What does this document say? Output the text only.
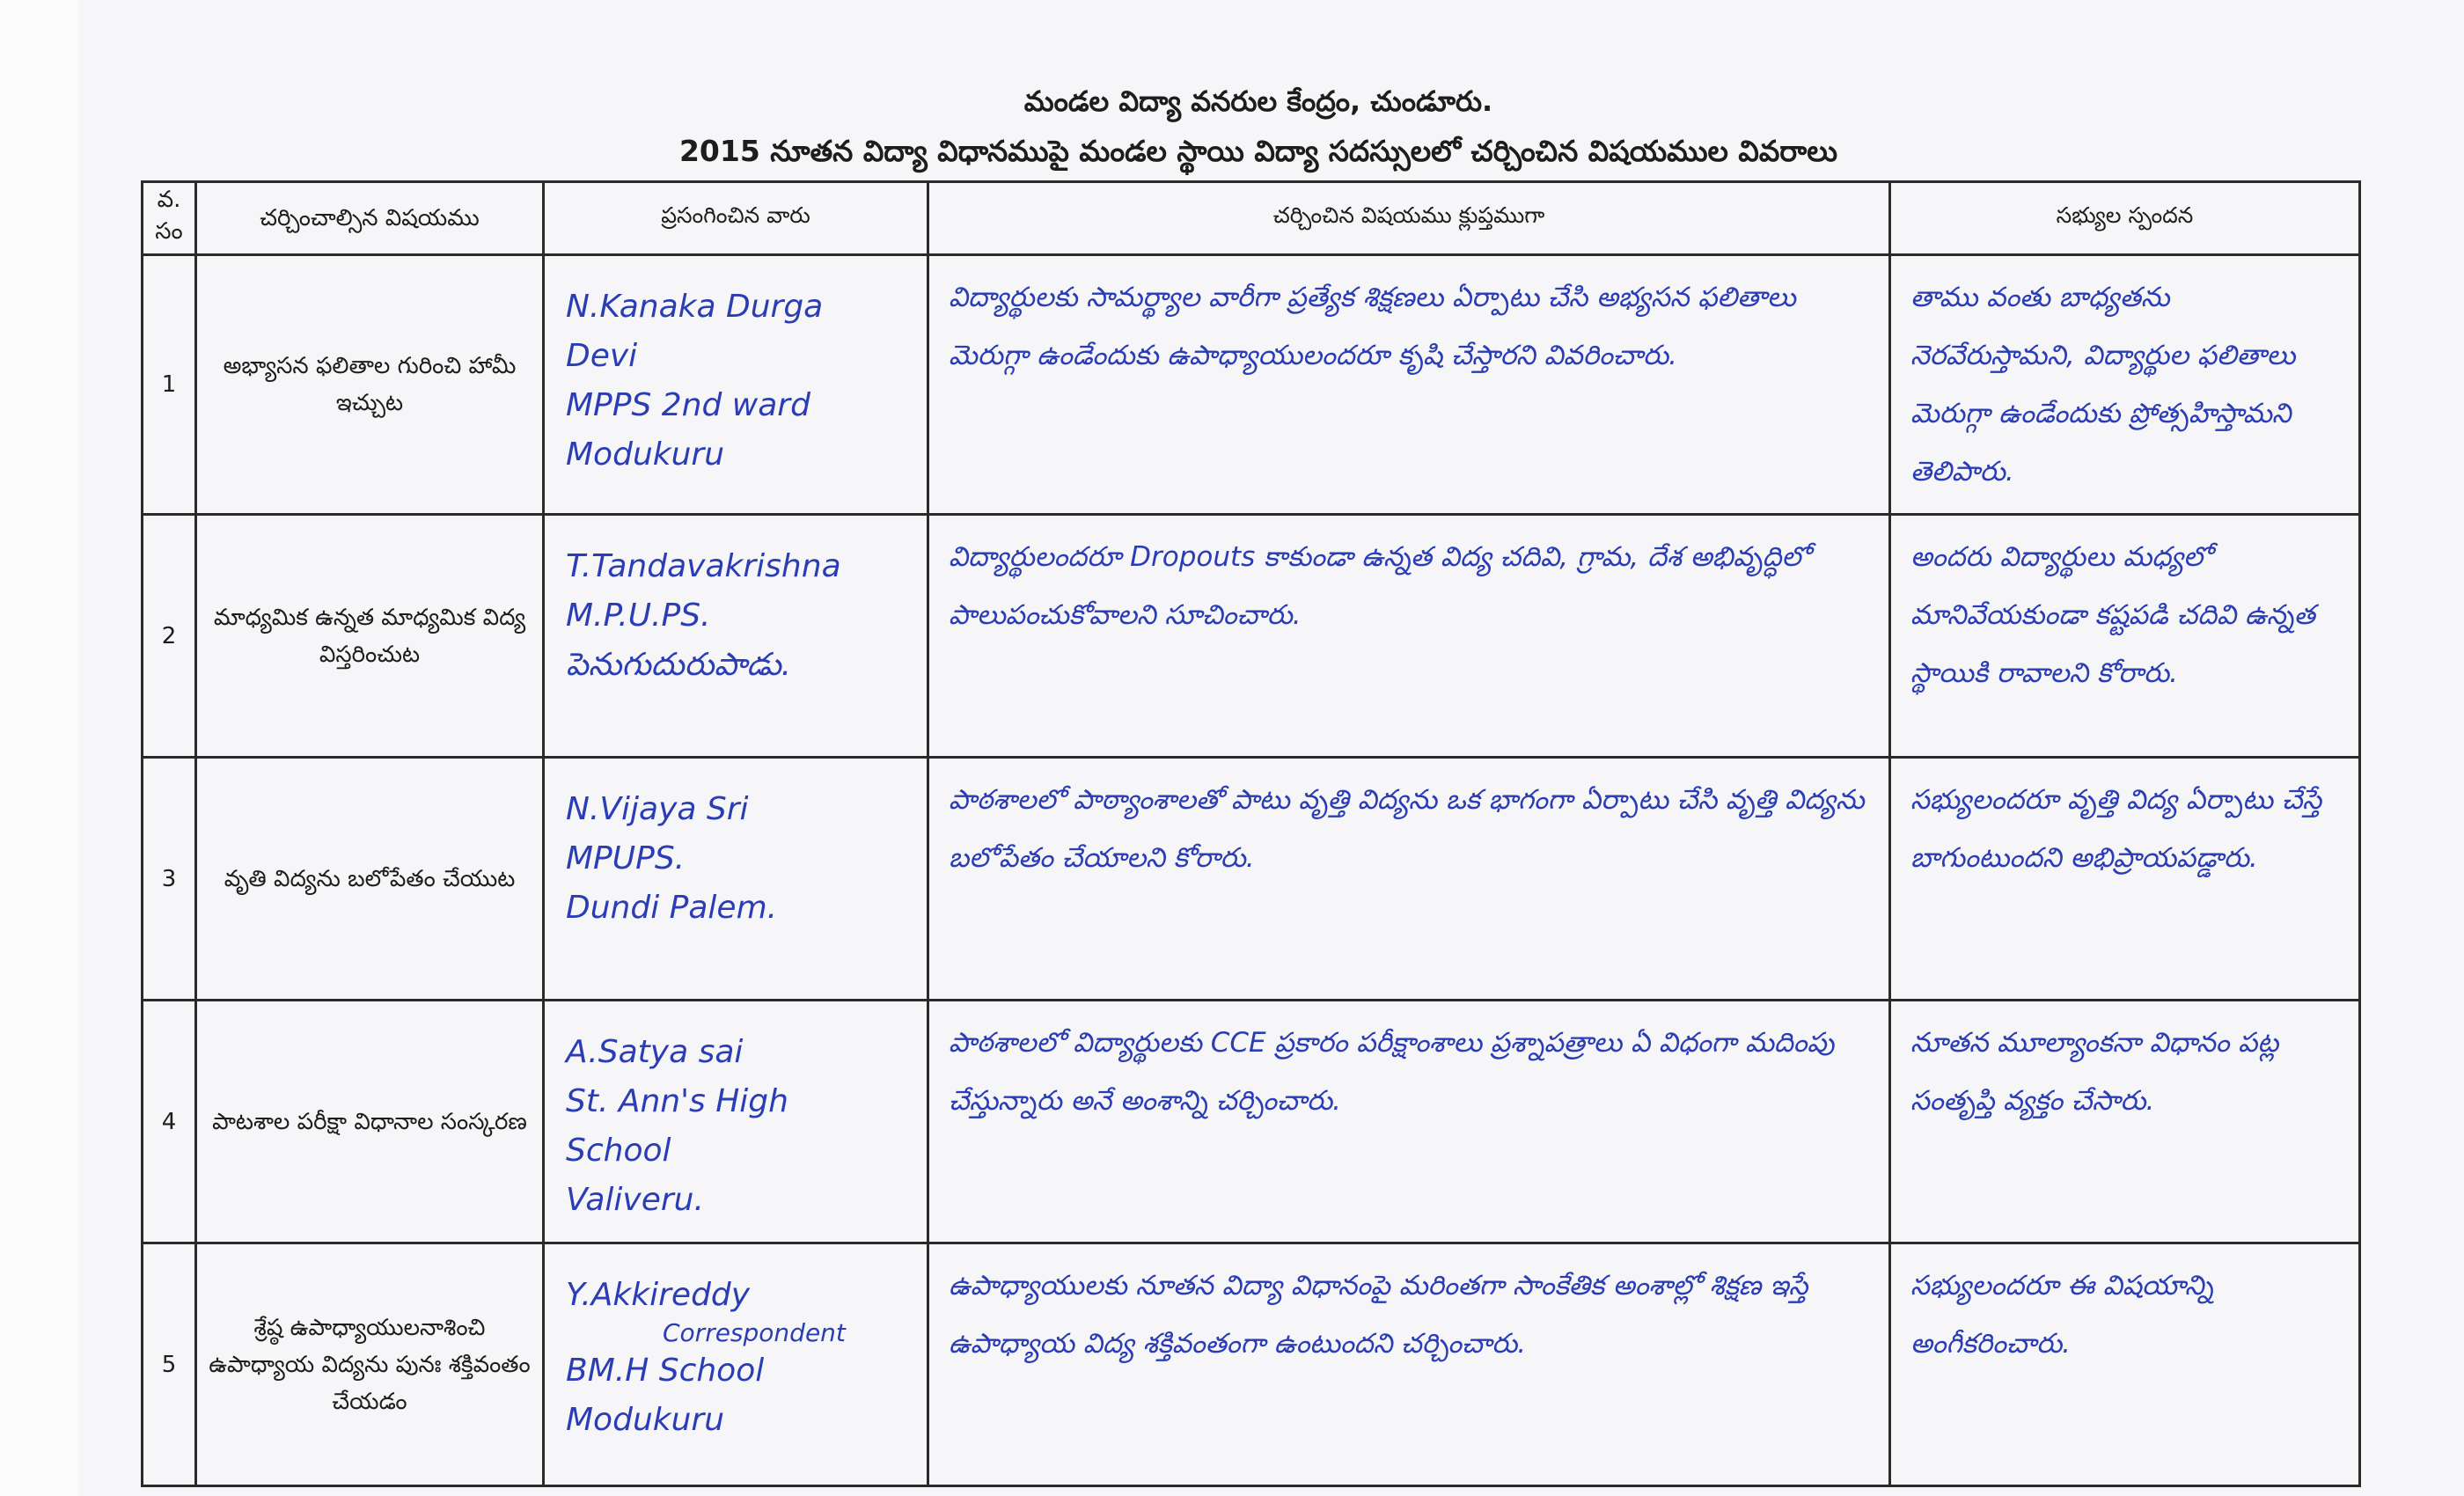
మండల విద్యా వనరుల కేంద్రం, చుండూరు.
2015 నూతన విద్యా విధానముపై మండల స్థాయి విద్యా సదస్సులలో చర్చించిన విషయముల వివరాలు
వ. సం	చర్చించాల్సిన విషయము	ప్రసంగించిన వారు	చర్చించిన విషయము క్లుప్తముగా	సభ్యుల స్పందన
1	అభ్యాసన ఫలితాల గురించి హామీ ఇచ్చుట	N.Kanaka Durga
Devi
MPPS 2nd ward
Modukuru	విద్యార్థులకు సామర్థ్యాల వారీగా ప్రత్యేక శిక్షణలు ఏర్పాటు చేసి అభ్యసన ఫలితాలు మెరుగ్గా ఉండేందుకు ఉపాధ్యాయులందరూ కృషి చేస్తారని వివరించారు.	తాము వంతు బాధ్యతను నెరవేరుస్తామని, విద్యార్థుల ఫలితాలు మెరుగ్గా ఉండేందుకు ప్రోత్సహిస్తామని తెలిపారు.
2	మాధ్యమిక ఉన్నత మాధ్యమిక విద్య విస్తరించుట	T.Tandavakrishna
M.P.U.PS.
పెనుగుదురుపాడు.	విద్యార్థులందరూ Dropouts కాకుండా ఉన్నత విద్య చదివి, గ్రామ, దేశ అభివృద్ధిలో పాలుపంచుకోవాలని సూచించారు.	అందరు విద్యార్థులు మధ్యలో మానివేయకుండా కష్టపడి చదివి ఉన్నత స్థాయికి రావాలని కోరారు.
3	వృతి విద్యను బలోపేతం చేయుట	N.Vijaya Sri
MPUPS.
Dundi Palem.	పాఠశాలలో పాఠ్యాంశాలతో పాటు వృత్తి విద్యను ఒక భాగంగా ఏర్పాటు చేసి వృత్తి విద్యను బలోపేతం చేయాలని కోరారు.	సభ్యులందరూ వృత్తి విద్య ఏర్పాటు చేస్తే బాగుంటుందని అభిప్రాయపడ్డారు.
4	పాటశాల పరీక్షా విధానాల సంస్కరణ	A.Satya sai
St. Ann's High
School
Valiveru.	పాఠశాలలో విద్యార్థులకు CCE ప్రకారం పరీక్షాంశాలు ప్రశ్నాపత్రాలు ఏ విధంగా మదింపు చేస్తున్నారు అనే అంశాన్ని చర్చించారు.	నూతన మూల్యాంకనా విధానం పట్ల సంతృప్తి వ్యక్తం చేసారు.
5	శ్రేష్ఠ ఉపాధ్యాయులనాశించి ఉపాధ్యాయ విద్యను పునః శక్తివంతం చేయడం	Y.Akkireddy
Correspondent
BM.H School
Modukuru	ఉపాధ్యాయులకు నూతన విద్యా విధానంపై మరింతగా సాంకేతిక అంశాల్లో శిక్షణ ఇస్తే ఉపాధ్యాయ విద్య శక్తివంతంగా ఉంటుందని చర్చించారు.	సభ్యులందరూ ఈ విషయాన్ని అంగీకరించారు.
